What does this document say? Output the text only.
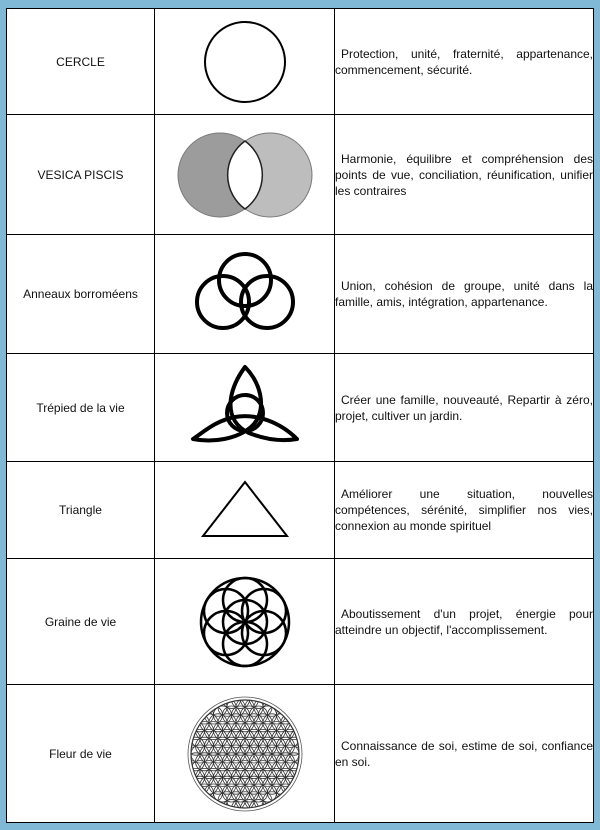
CERCLE		Protection, unité, fraternité, appartenance, commencement, sécurité.
VESICA PISCIS		Harmonie, équilibre et compréhension des points de vue, conciliation, réunification, unifier les contraires
Anneaux borroméens		Union, cohésion de groupe, unité dans la famille, amis, intégration, appartenance.
Trépied de la vie		Créer une famille, nouveauté, Repartir à zéro, projet, cultiver un jardin.
Triangle		Améliorer une situation, nouvelles compétences, sérénité, simplifier nos vies, connexion au monde spirituel
Graine de vie		Aboutissement d'un projet, énergie pour atteindre un objectif, l'accomplissement.
Fleur de vie		Connaissance de soi, estime de soi, confiance en soi.
